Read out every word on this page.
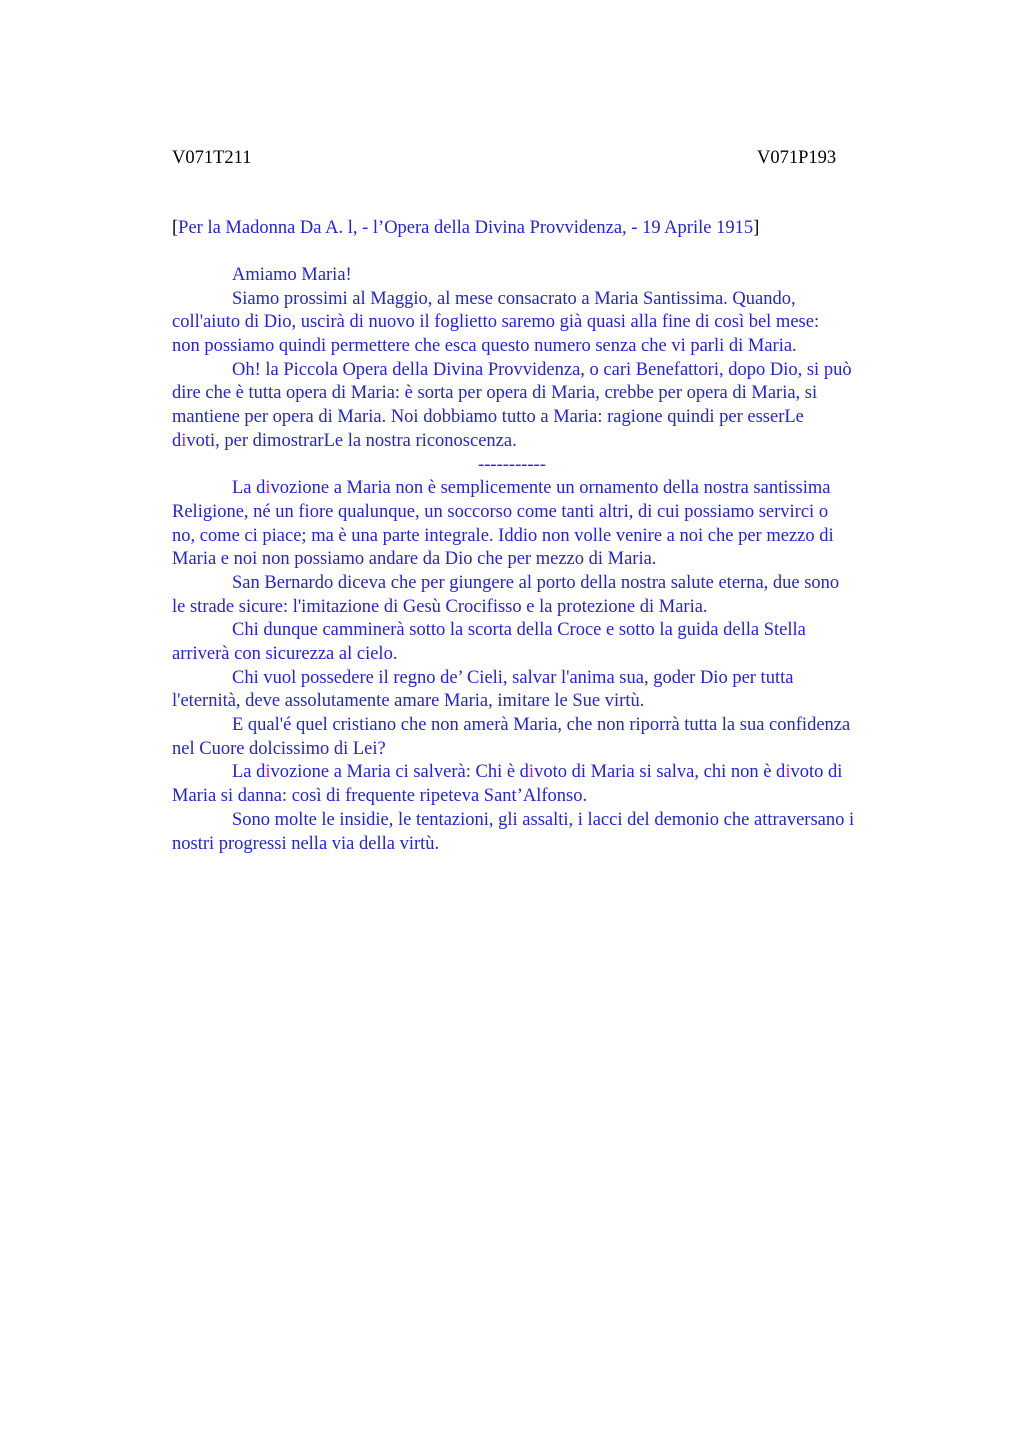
V071T211	V071P193
[Per la Madonna Da A. l, - l’Opera della Divina Provvidenza, - 19 Aprile 1915]
Amiamo Maria!
Siamo prossimi al Maggio, al mese consacrato a Maria Santissima. Quando,
coll'aiuto di Dio, uscirà di nuovo il foglietto saremo già quasi alla fine di così bel mese:
non possiamo quindi permettere che esca questo numero senza che vi parli di Maria.
Oh! la Piccola Opera della Divina Provvidenza, o cari Benefattori, dopo Dio, si può
dire che è tutta opera di Maria: è sorta per opera di Maria, crebbe per opera di Maria, si
mantiene per opera di Maria. Noi dobbiamo tutto a Maria: ragione quindi per esserLe
divoti, per dimostrarLe la nostra riconoscenza.
-----------
La divozione a Maria non è semplicemente un ornamento della nostra santissima
Religione, né un fiore qualunque, un soccorso come tanti altri, di cui possiamo servirci o
no, come ci piace; ma è una parte integrale. Iddio non volle venire a noi che per mezzo di
Maria e noi non possiamo andare da Dio che per mezzo di Maria.
San Bernardo diceva che per giungere al porto della nostra salute eterna, due sono
le strade sicure: l'imitazione di Gesù Crocifisso e la protezione di Maria.
Chi dunque camminerà sotto la scorta della Croce e sotto la guida della Stella
arriverà con sicurezza al cielo.
Chi vuol possedere il regno de’ Cieli, salvar l'anima sua, goder Dio per tutta
l'eternità, deve assolutamente amare Maria, imitare le Sue virtù.
E qual'é quel cristiano che non amerà Maria, che non riporrà tutta la sua confidenza
nel Cuore dolcissimo di Lei?
La divozione a Maria ci salverà: Chi è divoto di Maria si salva, chi non è divoto di
Maria si danna: così di frequente ripeteva Sant’Alfonso.
Sono molte le insidie, le tentazioni, gli assalti, i lacci del demonio che attraversano i
nostri progressi nella via della virtù.
